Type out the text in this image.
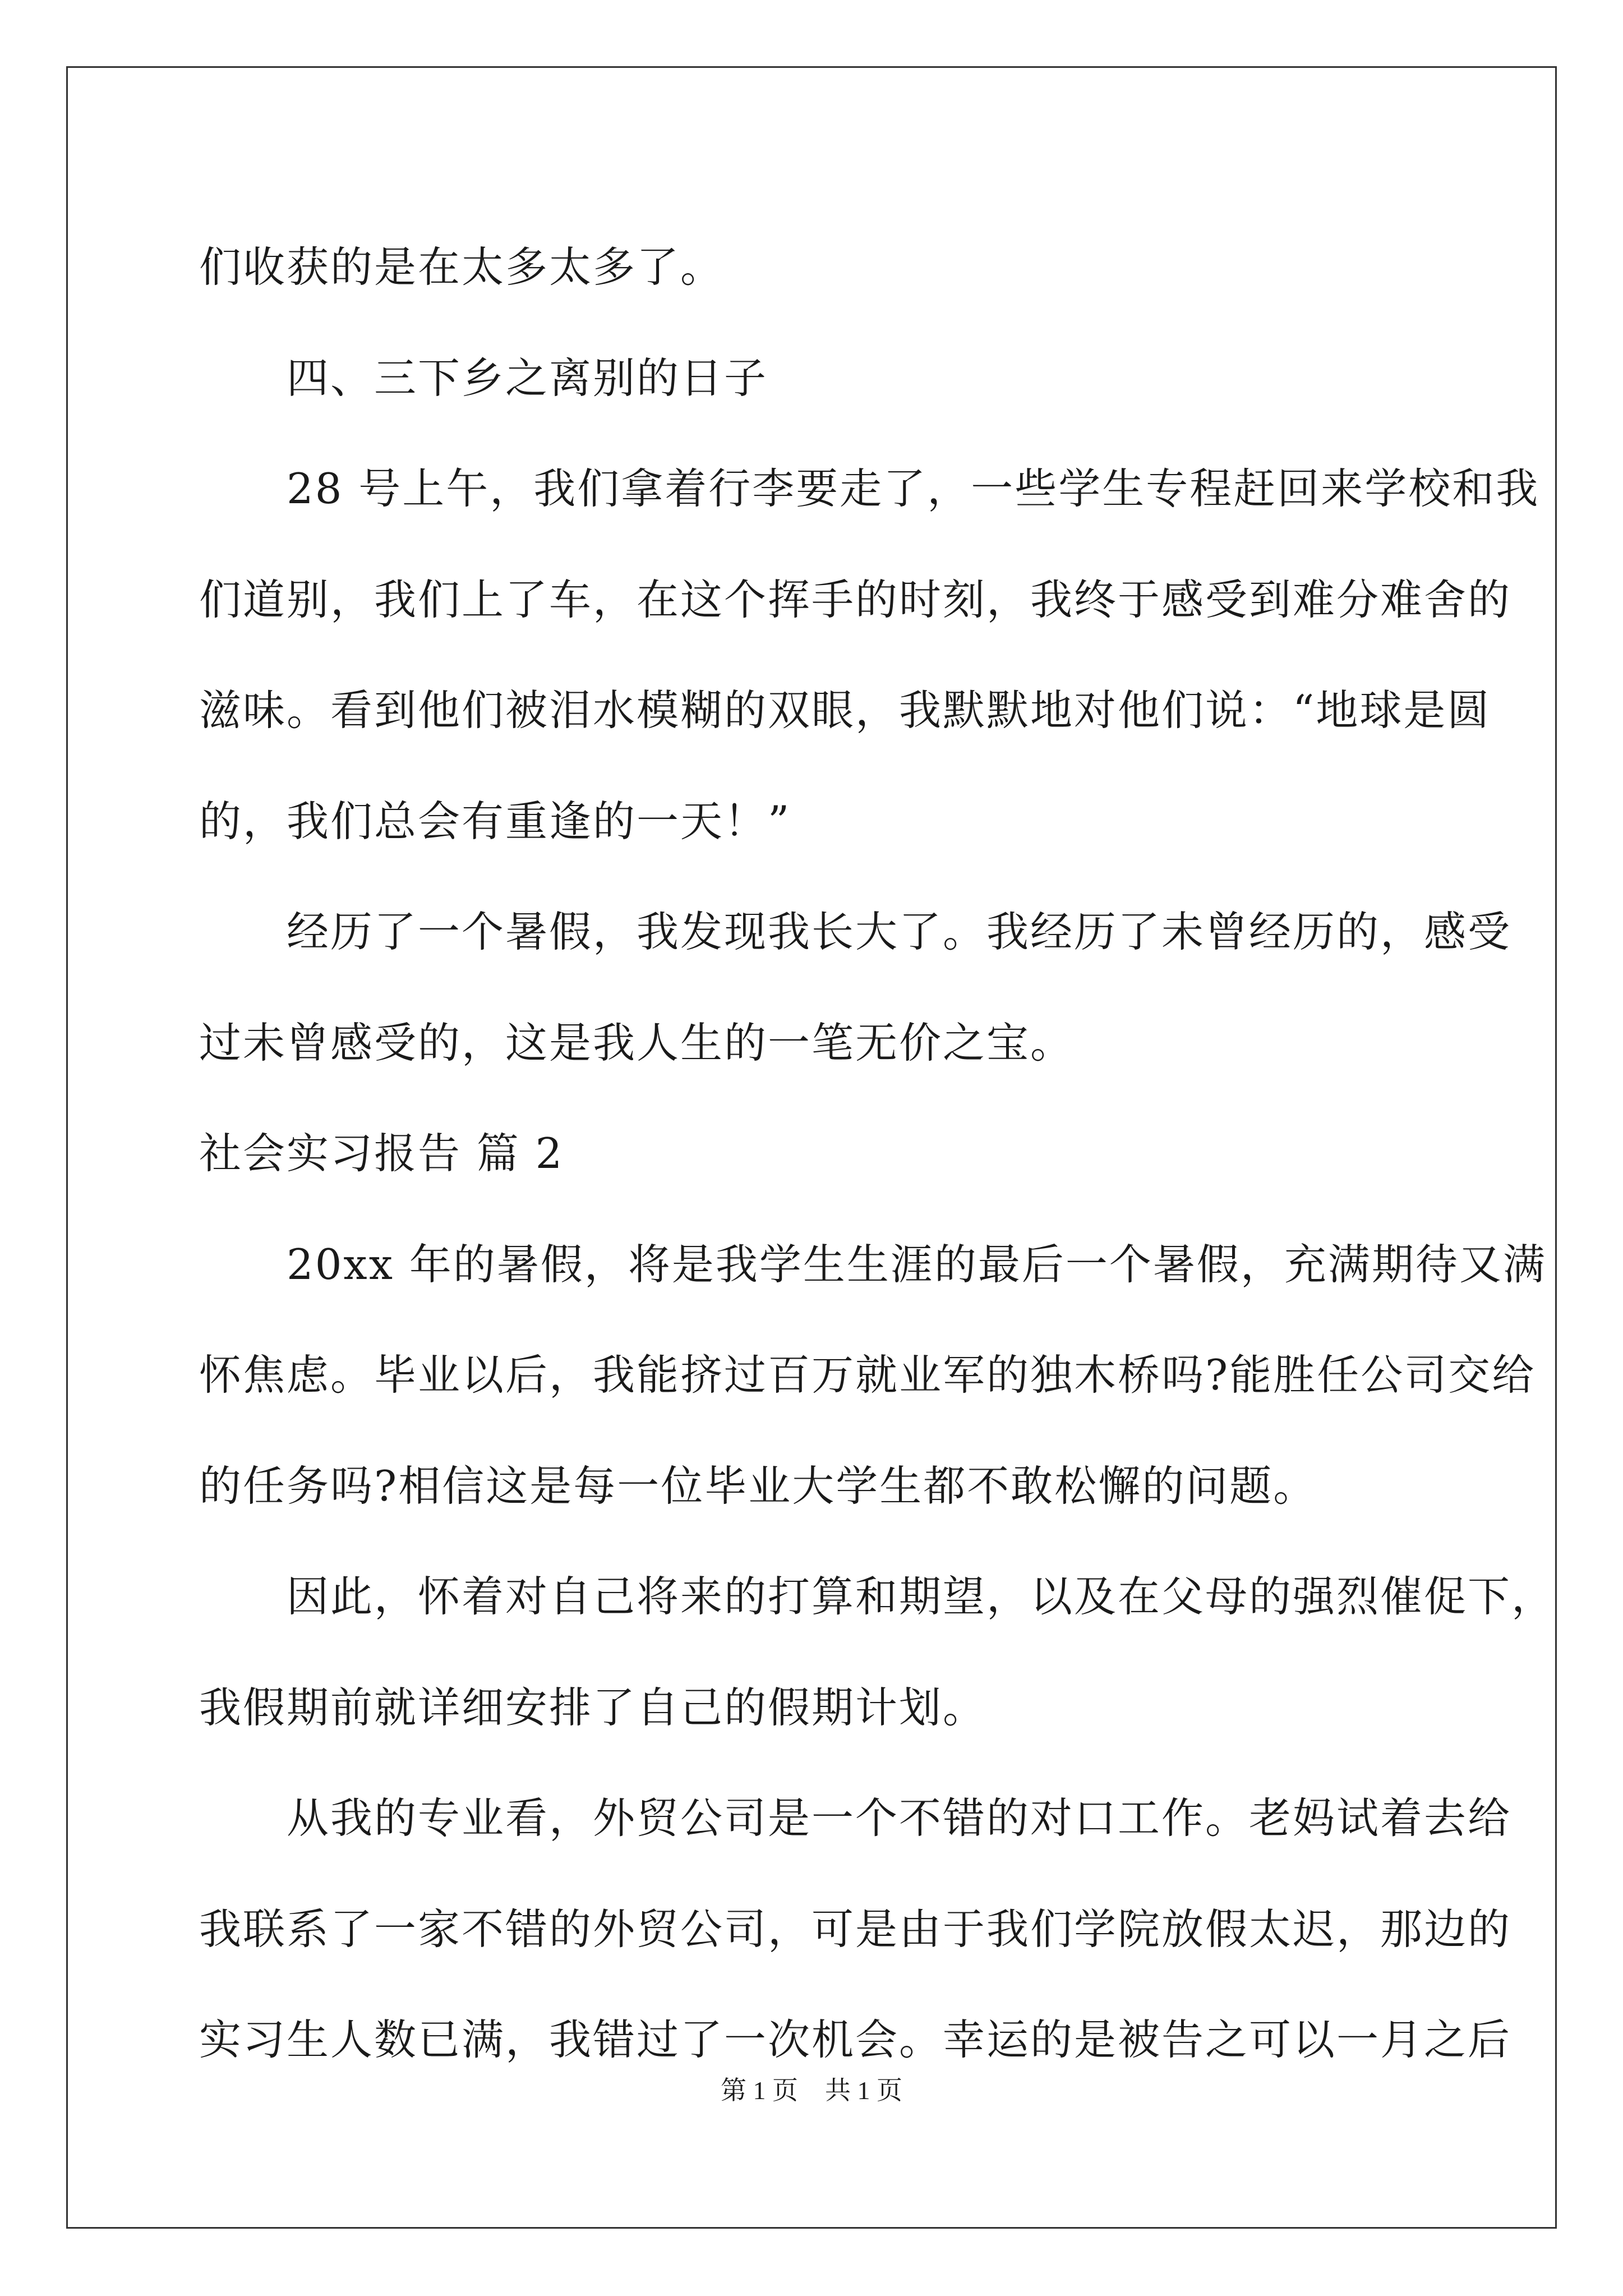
们收获的是在太多太多了。
　　四、三下乡之离别的日子
　　28 号上午，我们拿着行李要走了，一些学生专程赶回来学校和我
们道别，我们上了车，在这个挥手的时刻，我终于感受到难分难舍的
滋味。看到他们被泪水模糊的双眼，我默默地对他们说：“地球是圆
的，我们总会有重逢的一天！”
　　经历了一个暑假，我发现我长大了。我经历了未曾经历的，感受
过未曾感受的，这是我人生的一笔无价之宝。
社会实习报告 篇 2
　　20xx 年的暑假，将是我学生生涯的最后一个暑假，充满期待又满
怀焦虑。毕业以后，我能挤过百万就业军的独木桥吗?能胜任公司交给
的任务吗?相信这是每一位毕业大学生都不敢松懈的问题。
　　因此，怀着对自己将来的打算和期望，以及在父母的强烈催促下，
我假期前就详细安排了自己的假期计划。
　　从我的专业看，外贸公司是一个不错的对口工作。老妈试着去给
我联系了一家不错的外贸公司，可是由于我们学院放假太迟，那边的
实习生人数已满，我错过了一次机会。幸运的是被告之可以一月之后
第 1 页 共 1 页
